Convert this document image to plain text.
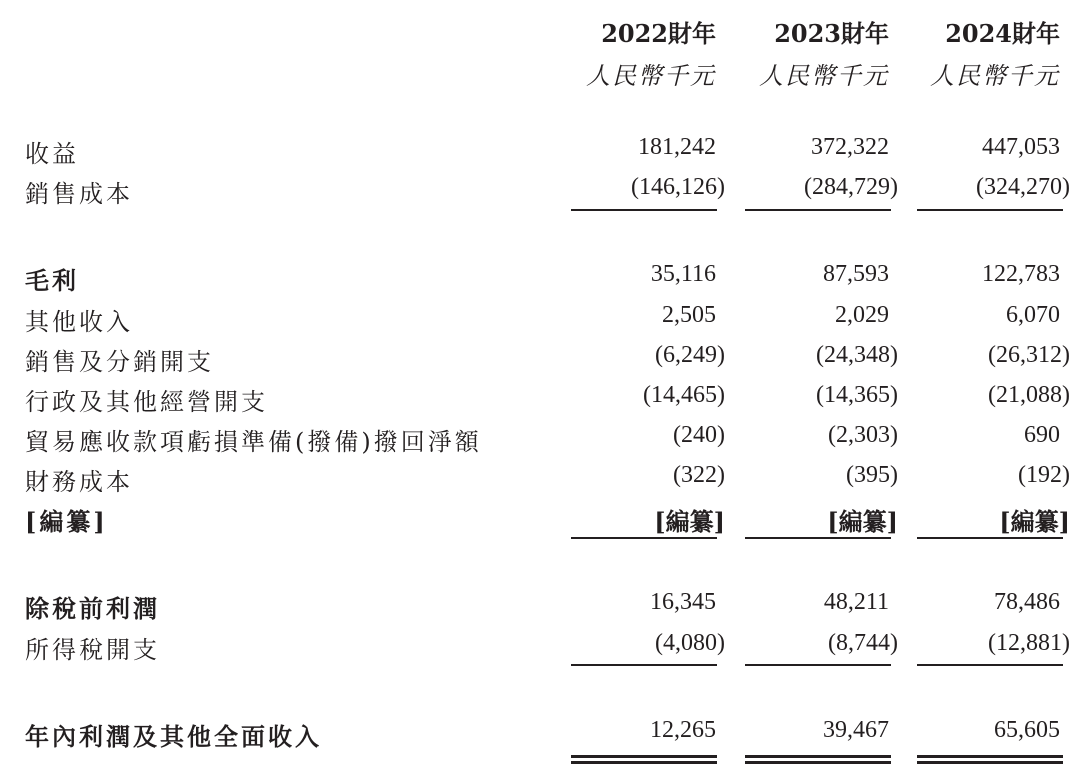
2022財年 2023財年 2024財年
人民幣千元 人民幣千元 人民幣千元
收益	181,242	372,322	447,053
銷售成本	(146,126)	(284,729)	(324,270)
毛利	35,116	87,593	122,783
其他收入	2,505	2,029	6,070
銷售及分銷開支	(6,249)	(24,348)	(26,312)
行政及其他經營開支	(14,465)	(14,365)	(21,088)
貿易應收款項虧損準備(撥備)撥回淨額	(240)	(2,303)	690
財務成本	(322)	(395)	(192)
[編纂]	[編纂]	[編纂]	[編纂]
除稅前利潤	16,345	48,211	78,486
所得稅開支	(4,080)	(8,744)	(12,881)
年內利潤及其他全面收入	12,265	39,467	65,605
